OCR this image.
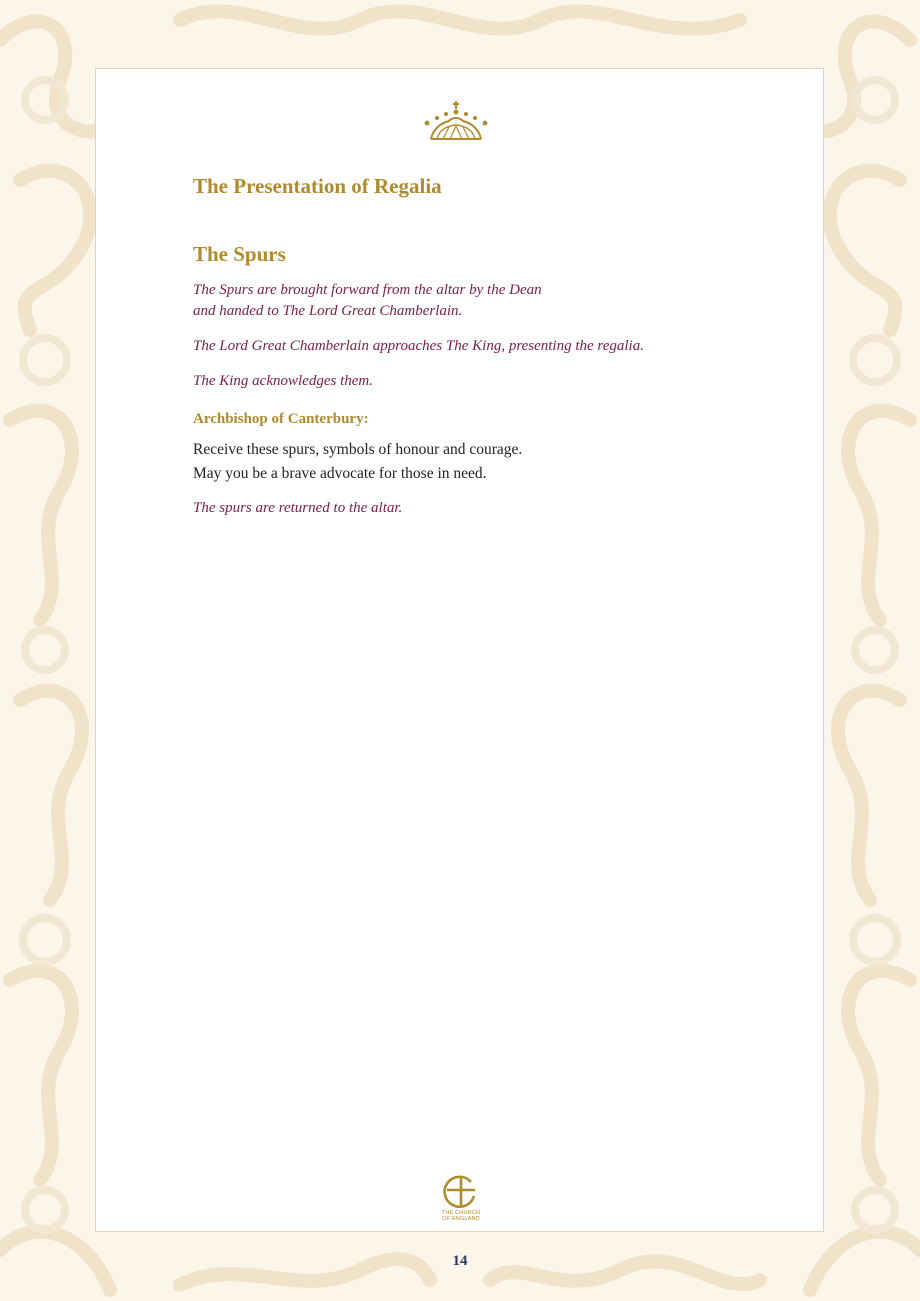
The Presentation of Regalia
The Spurs
The Spurs are brought forward from the altar by the Dean
and handed to The Lord Great Chamberlain.
The Lord Great Chamberlain approaches The King, presenting the regalia.
The King acknowledges them.
Archbishop of Canterbury:
Receive these spurs, symbols of honour and courage.
May you be a brave advocate for those in need.
The spurs are returned to the altar.
THE CHURCH
OF ENGLAND
14
